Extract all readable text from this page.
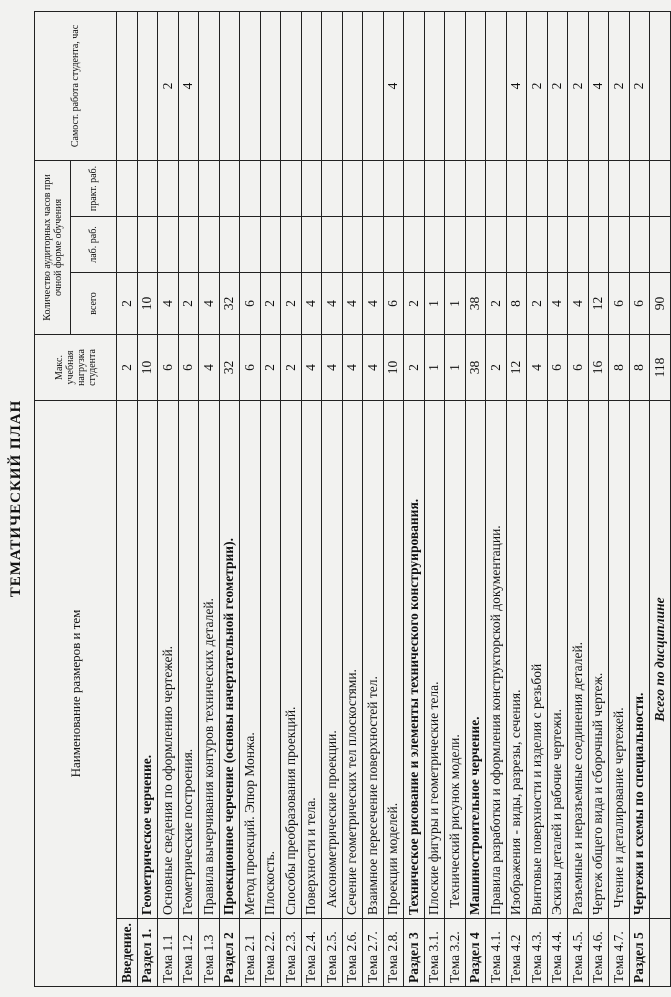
ТЕМАТИЧЕСКИЙ ПЛАН
Наименование размеров и тем		Макс. учебная нагрузка студента	Количество аудиторных часов при очной форме обучения			Самост. работа студента, час
			всего	лаб. раб.	практ. раб.	
Введение.		2	2			
Раздел 1.	Геометрическое черчение.	10	10			
Тема 1.1	Основные сведения по оформлению чертежей.	6	4			2
Тема 1.2	Геометрические построения.	6	2			4
Тема 1.3	Правила вычерчивания контуров технических деталей.	4	4			
Раздел 2	Проекционное черчение (основы начертательной геометрии).	32	32			
Тема 2.1	Метод проекций. Эпюр Монжа.	6	6			
Тема 2.2.	Плоскость.	2	2			
Тема 2.3.	Способы преобразования проекций.	2	2			
Тема 2.4.	Поверхности и тела.	4	4			
Тема 2.5.	Аксонометрические проекции.	4	4			
Тема 2.6.	Сечение геометрических тел плоскостями.	4	4			
Тема 2.7.	Взаимное пересечение поверхностей тел.	4	4			
Тема 2.8.	Проекции моделей.	10	6			4
Раздел 3	Техническое рисование и элементы технического конструирования.	2	2			
Тема 3.1.	Плоские фигуры и геометрические тела.	1	1			
Тема 3.2.	Технический рисунок модели.	1	1			
Раздел 4	Машиностроительное черчение.	38	38			
Тема 4.1.	Правила разработки и оформления конструкторской документации.	2	2			
Тема 4.2	Изображения - виды, разрезы, сечения.	12	8			4
Тема 4.3.	Винтовые поверхности и изделия с резьбой	4	2			2
Тема 4.4.	Эскизы деталей и рабочие чертежи.	6	4			2
Тема 4.5.	Разъемные и неразъемные соединения деталей.	6	4			2
Тема 4.6.	Чертеж общего вида и сборочный чертеж.	16	12			4
Тема 4.7.	Чтение и деталирование чертежей.	8	6			2
Раздел 5	Чертежи и схемы по специальности.	8	6			2
	Всего по дисциплине	118	90			
